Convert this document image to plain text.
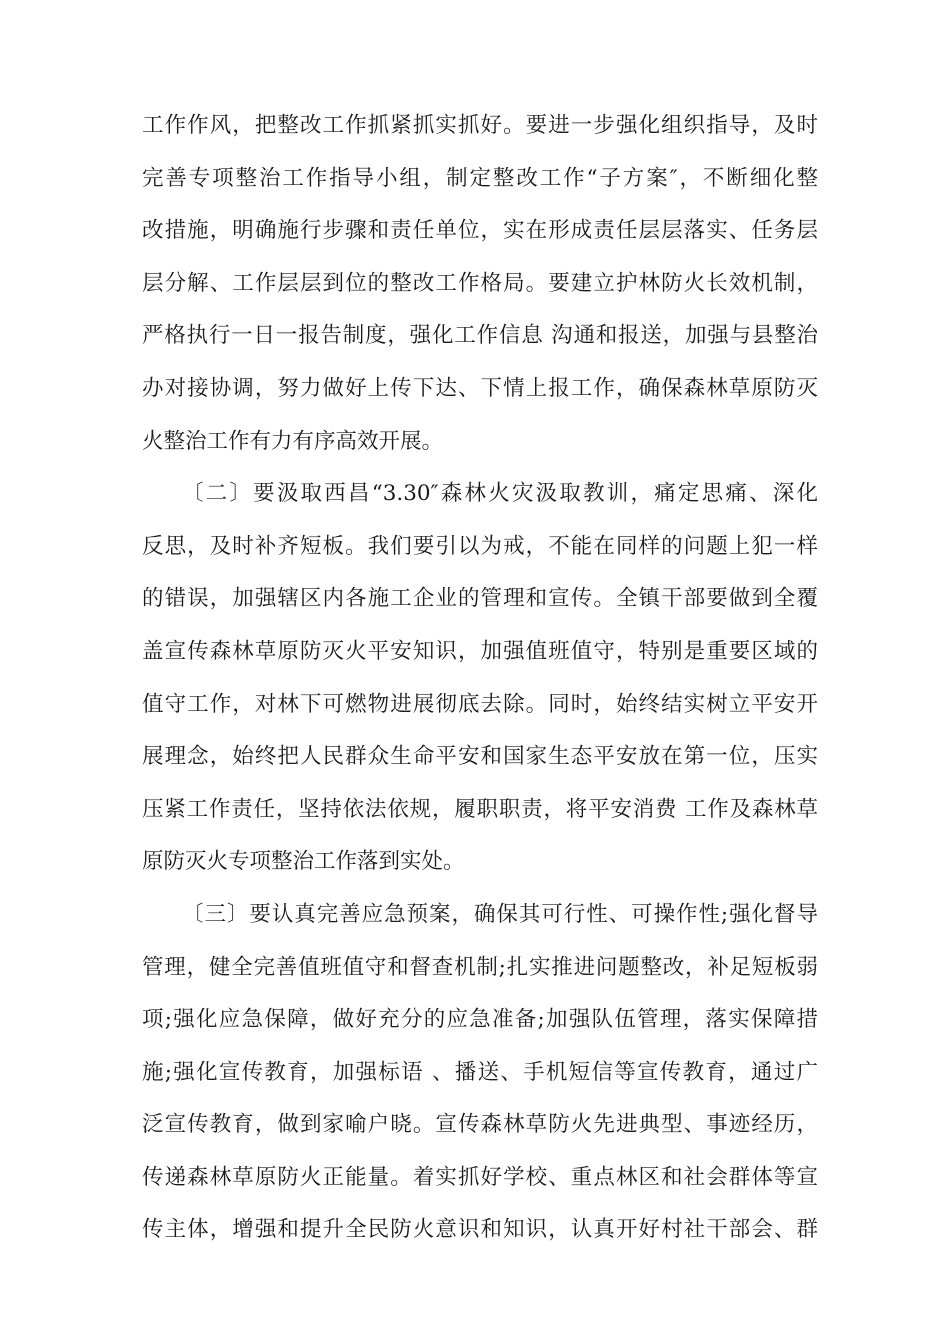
工作作风，把整改工作抓紧抓实抓好。要进一步强化组织指导，及时
完善专项整治工作指导小组，制定整改工作“子方案″，不断细化整
改措施，明确施行步骤和责任单位，实在形成责任层层落实、任务层
层分解、工作层层到位的整改工作格局。要建立护林防火长效机制，
严格执行一日一报告制度，强化工作信息 沟通和报送，加强与县整治
办对接协调，努力做好上传下达、下情上报工作，确保森林草原防灭
火整治工作有力有序高效开展。
〔二〕要汲取西昌“3.30″森林火灾汲取教训，痛定思痛、深化
反思，及时补齐短板。我们要引以为戒，不能在同样的问题上犯一样
的错误，加强辖区内各施工企业的管理和宣传。全镇干部要做到全覆
盖宣传森林草原防灭火平安知识，加强值班值守，特别是重要区域的
值守工作，对林下可燃物进展彻底去除。同时，始终结实树立平安开
展理念，始终把人民群众生命平安和国家生态平安放在第一位，压实
压紧工作责任，坚持依法依规，履职职责，将平安消费 工作及森林草
原防灭火专项整治工作落到实处。
〔三〕要认真完善应急预案，确保其可行性、可操作性;强化督导
管理，健全完善值班值守和督查机制;扎实推进问题整改，补足短板弱
项;强化应急保障，做好充分的应急准备;加强队伍管理，落实保障措
施;强化宣传教育，加强标语 、播送、手机短信等宣传教育，通过广
泛宣传教育，做到家喻户晓。宣传森林草防火先进典型、事迹经历，
传递森林草原防火正能量。着实抓好学校、重点林区和社会群体等宣
传主体，增强和提升全民防火意识和知识，认真开好村社干部会、群
